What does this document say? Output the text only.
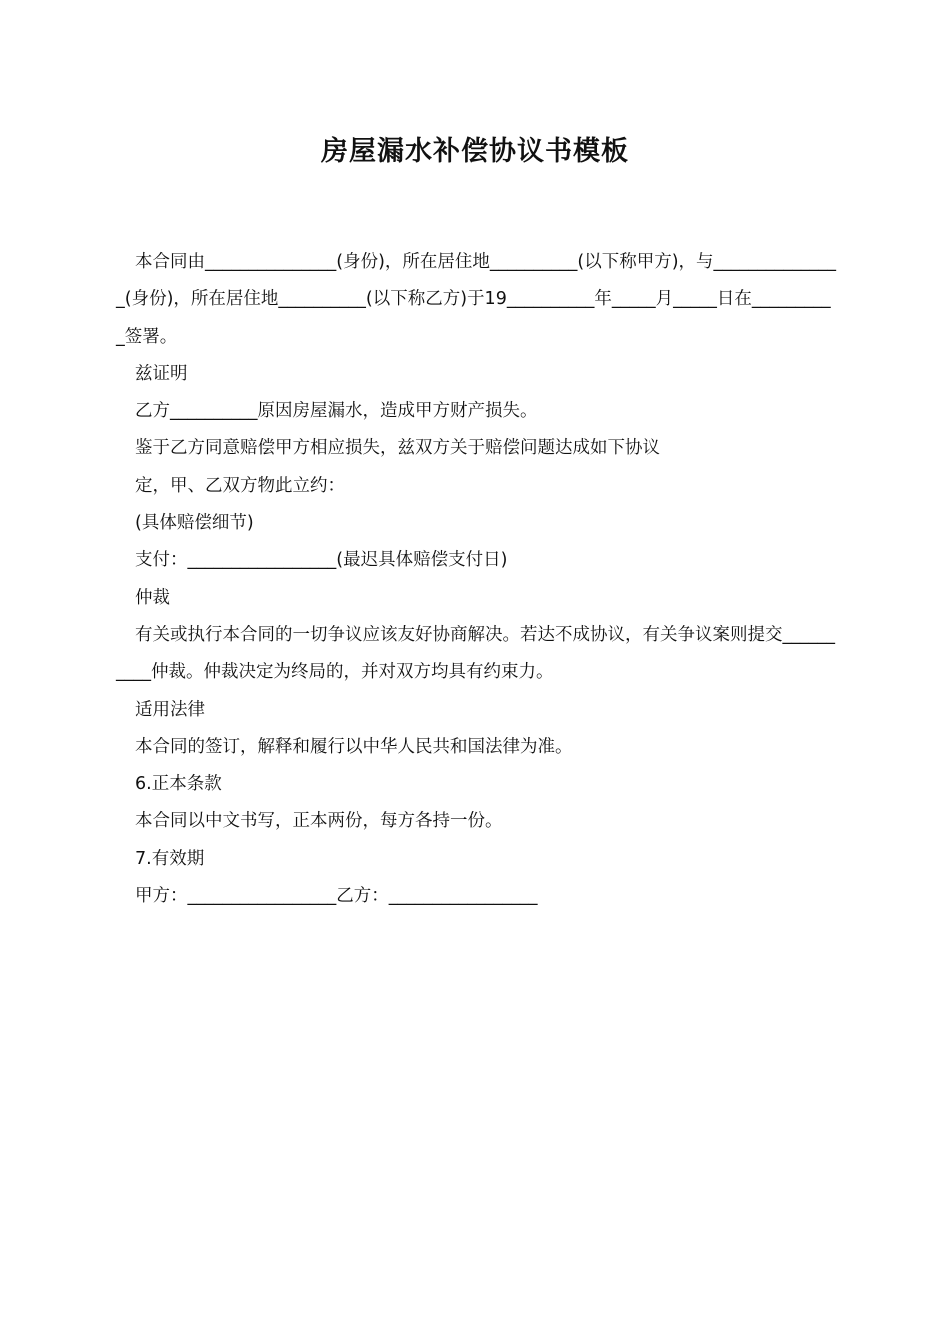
房屋漏水补偿协议书模板

本合同由_______________(身份)，所在居住地__________(以下称甲方)，与_______________(身份)，所在居住地__________(以下称乙方)于19__________年_____月_____日在__________签署。

兹证明

乙方__________原因房屋漏水，造成甲方财产损失。

鉴于乙方同意赔偿甲方相应损失，兹双方关于赔偿问题达成如下协议

定，甲、乙双方物此立约：

(具体赔偿细节)

支付：_________________(最迟具体赔偿支付日)

仲裁

有关或执行本合同的一切争议应该友好协商解决。若达不成协议，有关争议案则提交__________仲裁。仲裁决定为终局的，并对双方均具有约束力。

适用法律

本合同的签订，解释和履行以中华人民共和国法律为准。

6.正本条款

本合同以中文书写，正本两份，每方各持一份。

7.有效期

甲方：_________________乙方：_________________
